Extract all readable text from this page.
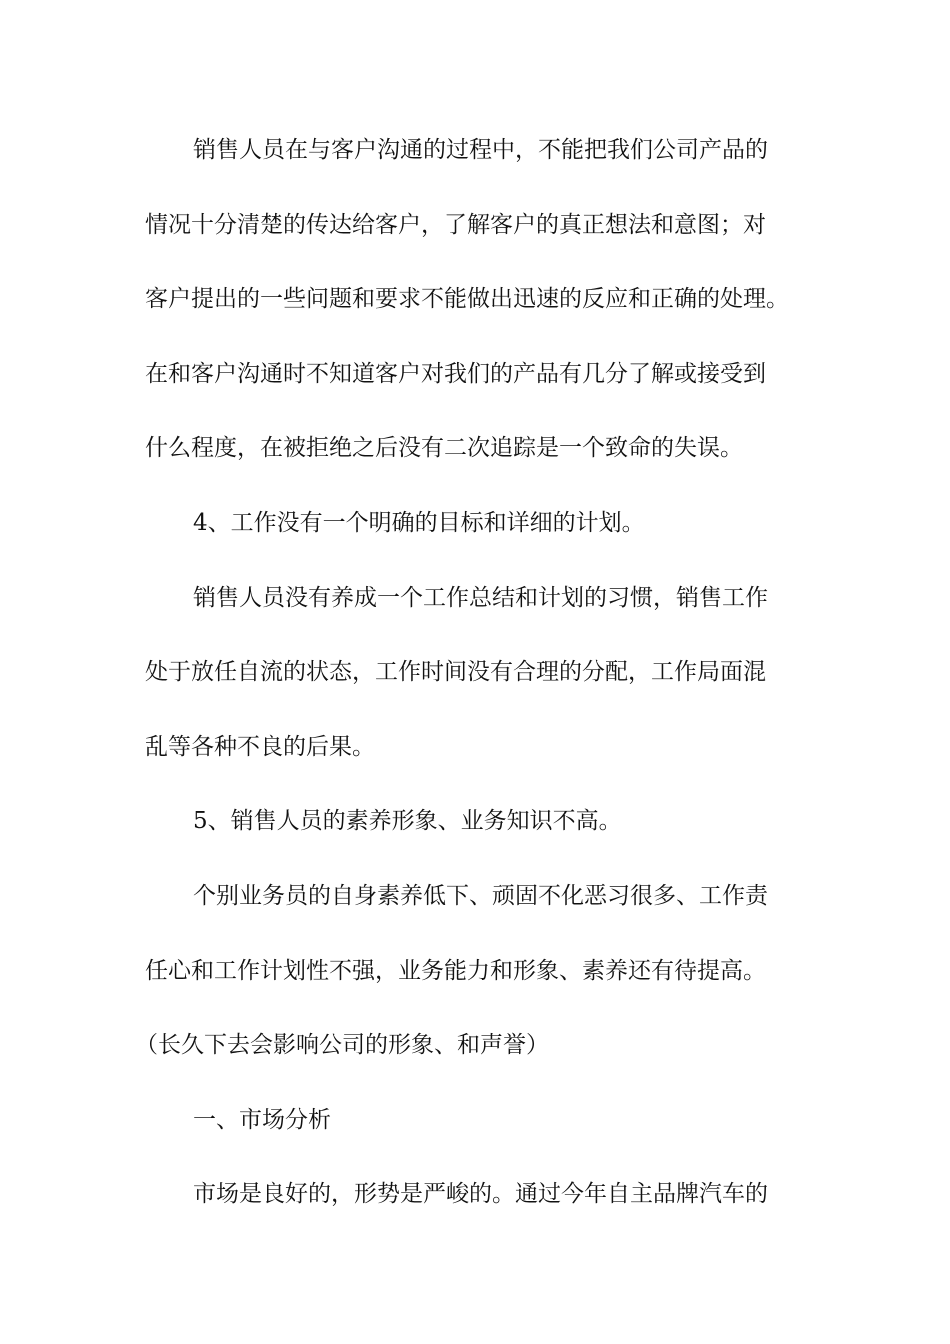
销售人员在与客户沟通的过程中，不能把我们公司产品的
情况十分清楚的传达给客户，了解客户的真正想法和意图；对
客户提出的一些问题和要求不能做出迅速的反应和正确的处理。
在和客户沟通时不知道客户对我们的产品有几分了解或接受到
什么程度，在被拒绝之后没有二次追踪是一个致命的失误。
4、工作没有一个明确的目标和详细的计划。
销售人员没有养成一个工作总结和计划的习惯，销售工作
处于放任自流的状态，工作时间没有合理的分配，工作局面混
乱等各种不良的后果。
5、销售人员的素养形象、业务知识不高。
个别业务员的自身素养低下、顽固不化恶习很多、工作责
任心和工作计划性不强，业务能力和形象、素养还有待提高。
（长久下去会影响公司的形象、和声誉）
一、市场分析
市场是良好的，形势是严峻的。通过今年自主品牌汽车的
